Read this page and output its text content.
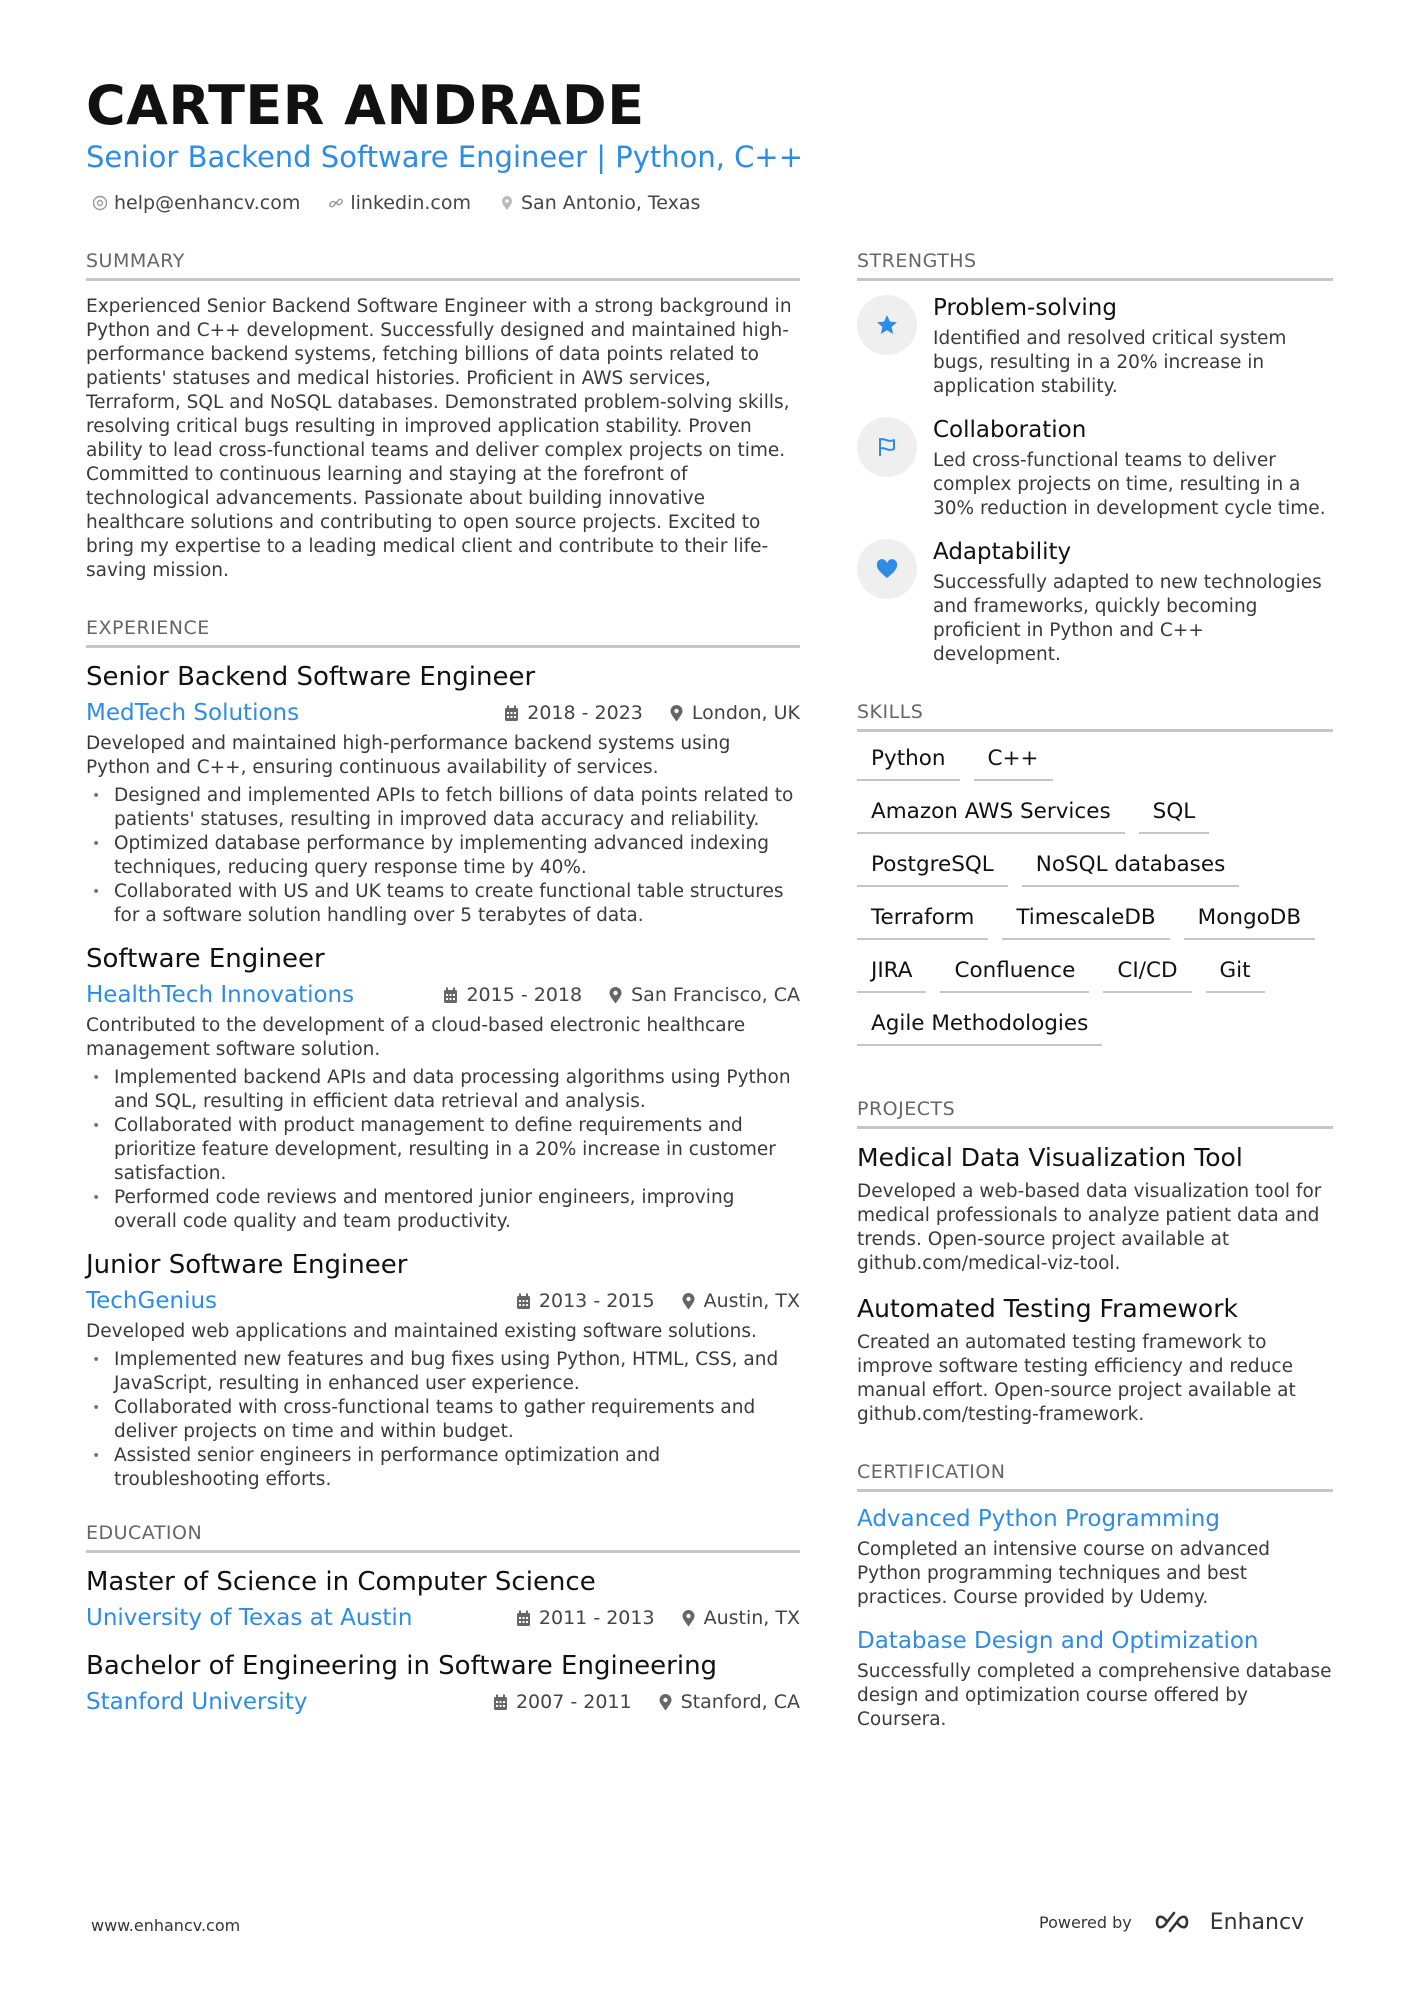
CARTER ANDRADE
Senior Backend Software Engineer | Python, C++
help@enhancv.com	linkedin.com	San Antonio, Texas
SUMMARY
Experienced Senior Backend Software Engineer with a strong background in Python and C++ development. Successfully designed and maintained high-performance backend systems, fetching billions of data points related to patients' statuses and medical histories. Proficient in AWS services, Terraform, SQL and NoSQL databases. Demonstrated problem-solving skills, resolving critical bugs resulting in improved application stability. Proven ability to lead cross-functional teams and deliver complex projects on time. Committed to continuous learning and staying at the forefront of technological advancements. Passionate about building innovative healthcare solutions and contributing to open source projects. Excited to bring my expertise to a leading medical client and contribute to their life-saving mission.
EXPERIENCE
Senior Backend Software Engineer
MedTech Solutions	2018 - 2023	London, UK
Developed and maintained high-performance backend systems using Python and C++, ensuring continuous availability of services.
• Designed and implemented APIs to fetch billions of data points related to patients' statuses, resulting in improved data accuracy and reliability.
• Optimized database performance by implementing advanced indexing techniques, reducing query response time by 40%.
• Collaborated with US and UK teams to create functional table structures for a software solution handling over 5 terabytes of data.
Software Engineer
HealthTech Innovations	2015 - 2018	San Francisco, CA
Contributed to the development of a cloud-based electronic healthcare management software solution.
• Implemented backend APIs and data processing algorithms using Python and SQL, resulting in efficient data retrieval and analysis.
• Collaborated with product management to define requirements and prioritize feature development, resulting in a 20% increase in customer satisfaction.
• Performed code reviews and mentored junior engineers, improving overall code quality and team productivity.
Junior Software Engineer
TechGenius	2013 - 2015	Austin, TX
Developed web applications and maintained existing software solutions.
• Implemented new features and bug fixes using Python, HTML, CSS, and JavaScript, resulting in enhanced user experience.
• Collaborated with cross-functional teams to gather requirements and deliver projects on time and within budget.
• Assisted senior engineers in performance optimization and troubleshooting efforts.
EDUCATION
Master of Science in Computer Science
University of Texas at Austin	2011 - 2013	Austin, TX
Bachelor of Engineering in Software Engineering
Stanford University	2007 - 2011	Stanford, CA
STRENGTHS
Problem-solving
Identified and resolved critical system bugs, resulting in a 20% increase in application stability.
Collaboration
Led cross-functional teams to deliver complex projects on time, resulting in a 30% reduction in development cycle time.
Adaptability
Successfully adapted to new technologies and frameworks, quickly becoming proficient in Python and C++ development.
SKILLS
Python	C++
Amazon AWS Services	SQL
PostgreSQL	NoSQL databases
Terraform	TimescaleDB	MongoDB
JIRA	Confluence	CI/CD	Git
Agile Methodologies
PROJECTS
Medical Data Visualization Tool
Developed a web-based data visualization tool for medical professionals to analyze patient data and trends. Open-source project available at github.com/medical-viz-tool.
Automated Testing Framework
Created an automated testing framework to improve software testing efficiency and reduce manual effort. Open-source project available at github.com/testing-framework.
CERTIFICATION
Advanced Python Programming
Completed an intensive course on advanced Python programming techniques and best practices. Course provided by Udemy.
Database Design and Optimization
Successfully completed a comprehensive database design and optimization course offered by Coursera.
www.enhancv.com	Powered by	Enhancv
